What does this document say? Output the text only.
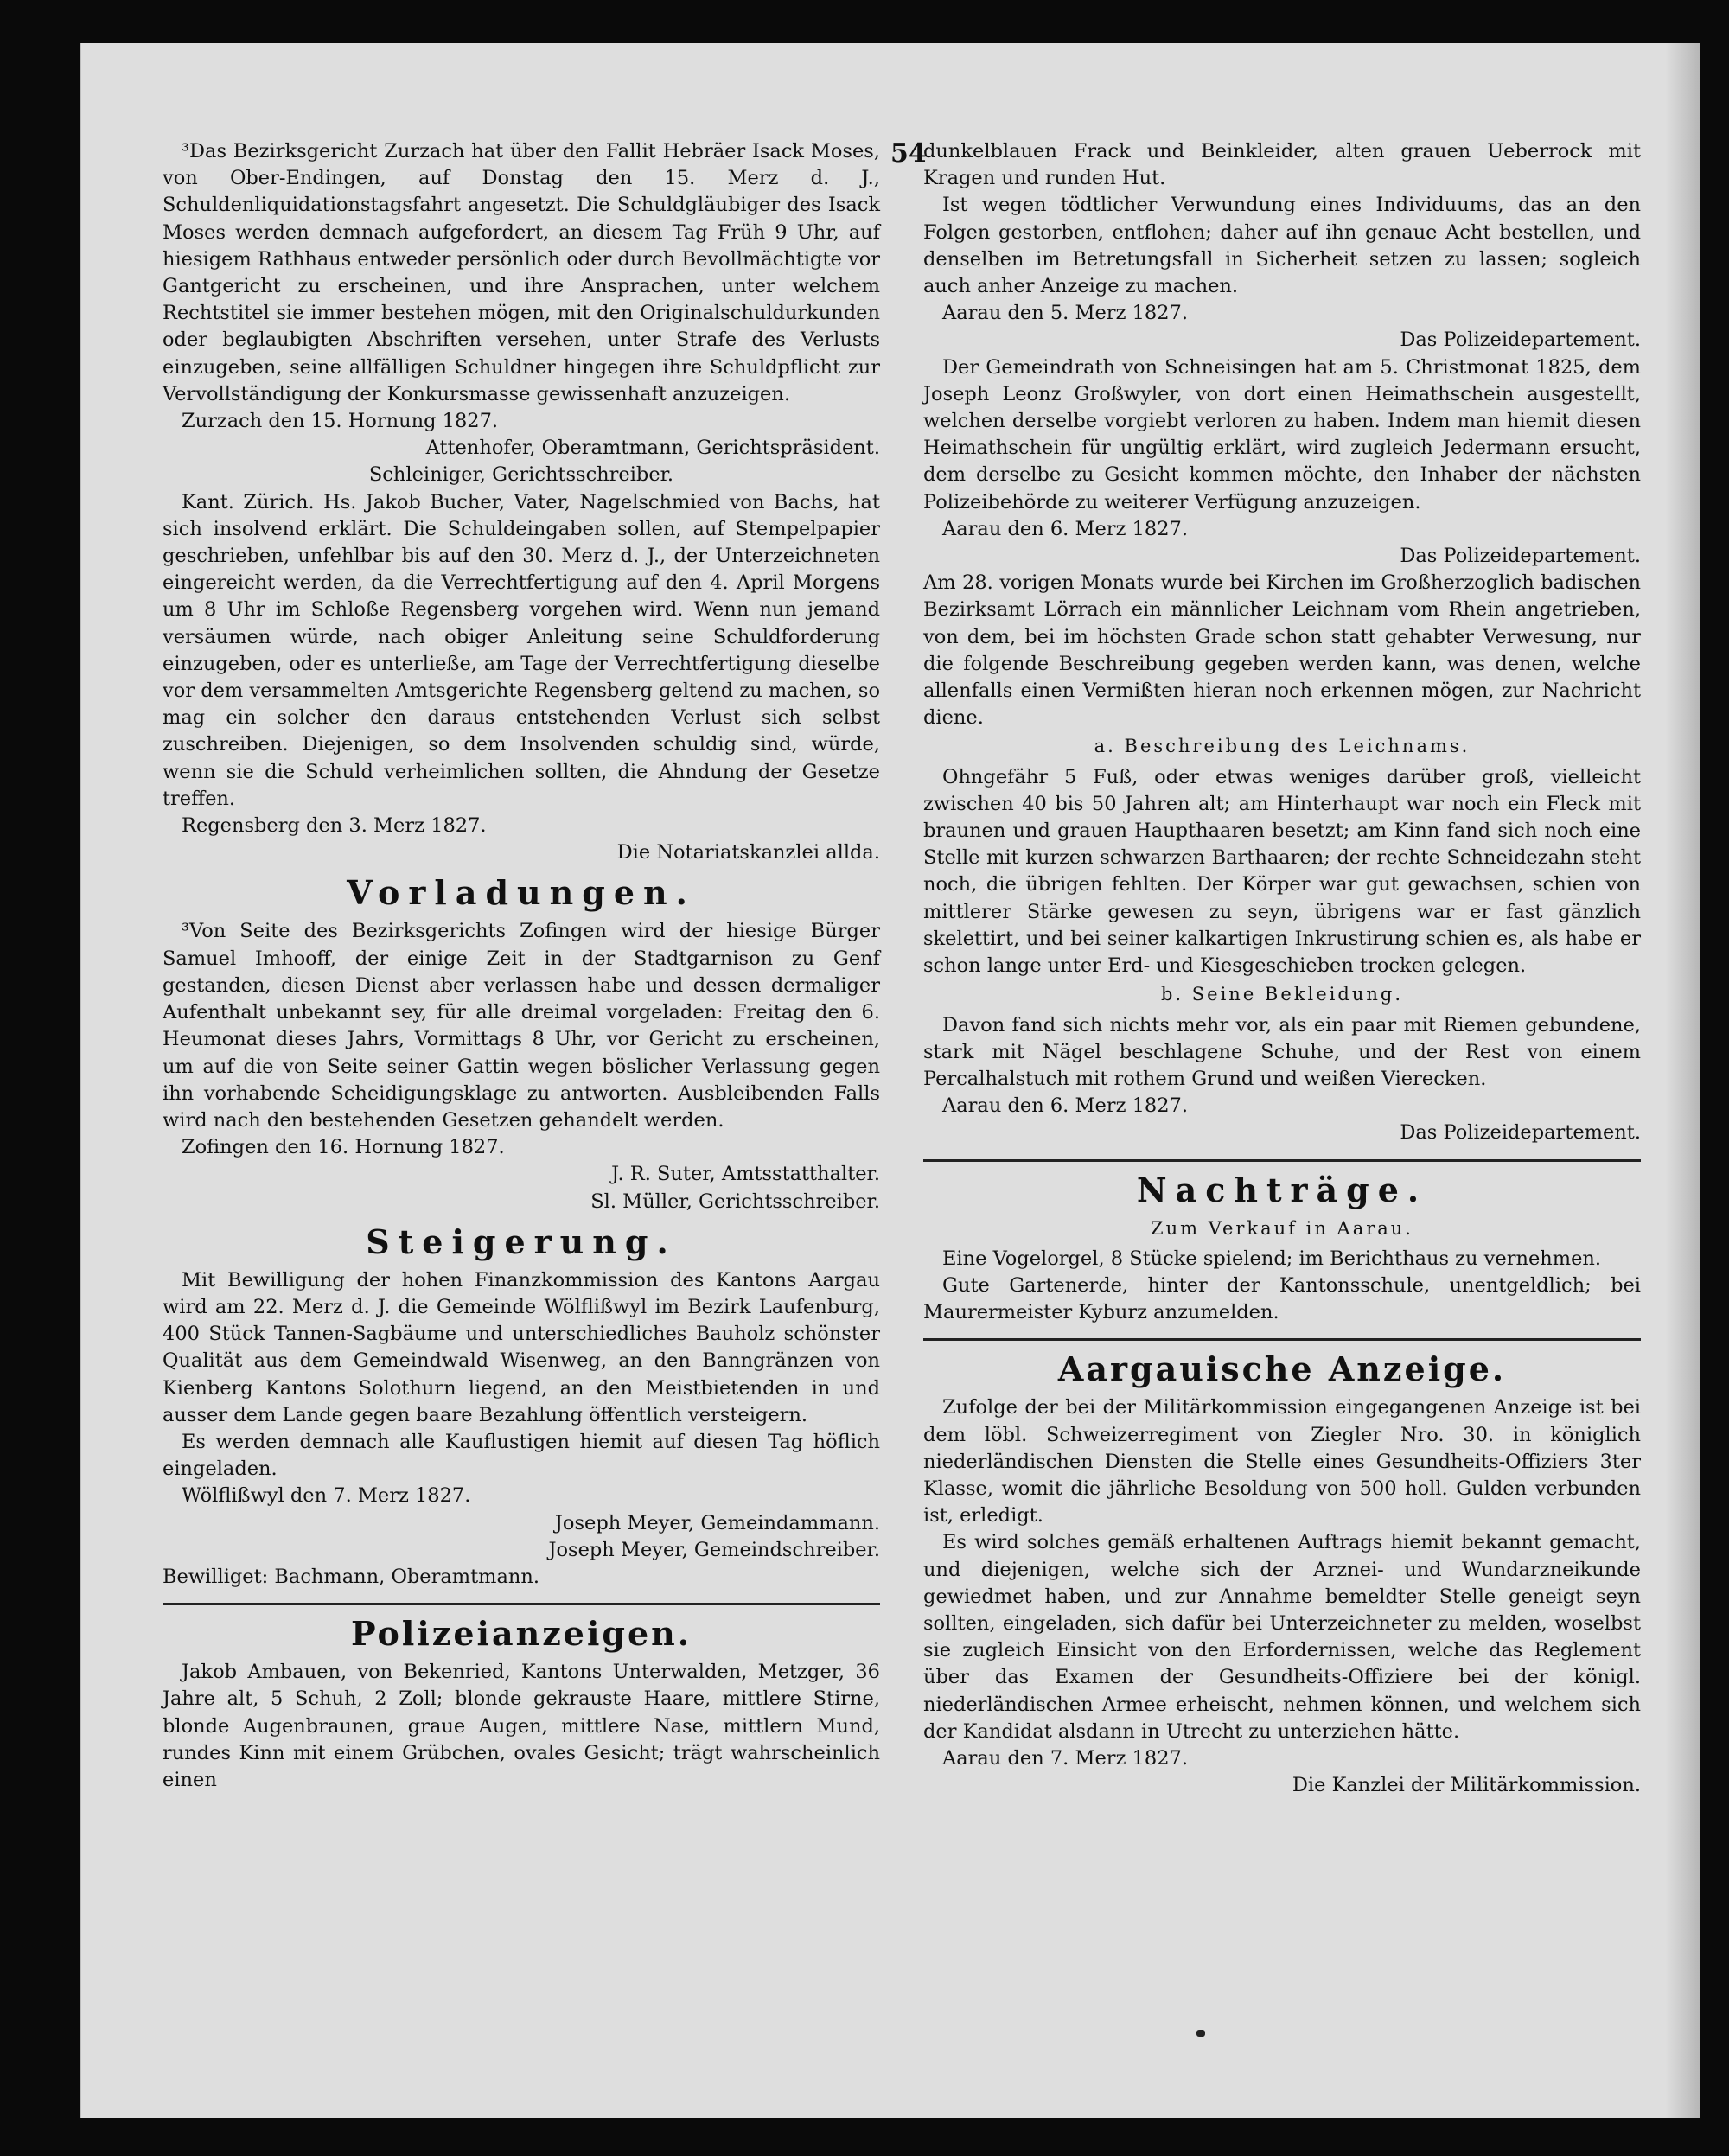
54

³Das Bezirksgericht Zurzach hat über den Fallit Hebräer Isack Moses, von Ober-Endingen, auf Donstag den 15. Merz d. J., Schuldenliquidationstagsfahrt angesetzt. Die Schuldgläubiger des Isack Moses werden demnach aufgefordert, an diesem Tag Früh 9 Uhr, auf hiesigem Rathhaus entweder persönlich oder durch Bevollmächtigte vor Gantgericht zu erscheinen, und ihre Ansprachen, unter welchem Rechtstitel sie immer bestehen mögen, mit den Originalschuldurkunden oder beglaubigten Abschriften versehen, unter Strafe des Verlusts einzugeben, seine allfälligen Schuldner hingegen ihre Schuldpflicht zur Vervollständigung der Konkursmasse gewissenhaft anzuzeigen.

Zurzach den 15. Hornung 1827.

Attenhofer, Oberamtmann, Gerichtspräsident.

Schleiniger, Gerichtsschreiber.

Kant. Zürich. Hs. Jakob Bucher, Vater, Nagelschmied von Bachs, hat sich insolvend erklärt. Die Schuldeingaben sollen, auf Stempelpapier geschrieben, unfehlbar bis auf den 30. Merz d. J., der Unterzeichneten eingereicht werden, da die Verrechtfertigung auf den 4. April Morgens um 8 Uhr im Schloße Regensberg vorgehen wird. Wenn nun jemand versäumen würde, nach obiger Anleitung seine Schuldforderung einzugeben, oder es unterließe, am Tage der Verrechtfertigung dieselbe vor dem versammelten Amtsgerichte Regensberg geltend zu machen, so mag ein solcher den daraus entstehenden Verlust sich selbst zuschreiben. Diejenigen, so dem Insolvenden schuldig sind, würde, wenn sie die Schuld verheimlichen sollten, die Ahndung der Gesetze treffen.

Regensberg den 3. Merz 1827.

Die Notariatskanzlei allda.

Vorladungen.

³Von Seite des Bezirksgerichts Zofingen wird der hiesige Bürger Samuel Imhooff, der einige Zeit in der Stadtgarnison zu Genf gestanden, diesen Dienst aber verlassen habe und dessen dermaliger Aufenthalt unbekannt sey, für alle dreimal vorgeladen: Freitag den 6. Heumonat dieses Jahrs, Vormittags 8 Uhr, vor Gericht zu erscheinen, um auf die von Seite seiner Gattin wegen böslicher Verlassung gegen ihn vorhabende Scheidigungsklage zu antworten. Ausbleibenden Falls wird nach den bestehenden Gesetzen gehandelt werden.

Zofingen den 16. Hornung 1827.

J. R. Suter, Amtsstatthalter.

Sl. Müller, Gerichtsschreiber.

Steigerung.

Mit Bewilligung der hohen Finanzkommission des Kantons Aargau wird am 22. Merz d. J. die Gemeinde Wölflißwyl im Bezirk Laufenburg, 400 Stück Tannen-Sagbäume und unterschiedliches Bauholz schönster Qualität aus dem Gemeindwald Wisenweg, an den Banngränzen von Kienberg Kantons Solothurn liegend, an den Meistbietenden in und ausser dem Lande gegen baare Bezahlung öffentlich versteigern.

Es werden demnach alle Kauflustigen hiemit auf diesen Tag höflich eingeladen.

Wölflißwyl den 7. Merz 1827.

Joseph Meyer, Gemeindammann.

Joseph Meyer, Gemeindschreiber.

Bewilliget: Bachmann, Oberamtmann.

Polizeianzeigen.

Jakob Ambauen, von Bekenried, Kantons Unterwalden, Metzger, 36 Jahre alt, 5 Schuh, 2 Zoll; blonde gekrauste Haare, mittlere Stirne, blonde Augenbraunen, graue Augen, mittlere Nase, mittlern Mund, rundes Kinn mit einem Grübchen, ovales Gesicht; trägt wahrscheinlich einen

dunkelblauen Frack und Beinkleider, alten grauen Ueberrock mit Kragen und runden Hut.

Ist wegen tödtlicher Verwundung eines Individuums, das an den Folgen gestorben, entflohen; daher auf ihn genaue Acht bestellen, und denselben im Betretungsfall in Sicherheit setzen zu lassen; sogleich auch anher Anzeige zu machen.

Aarau den 5. Merz 1827.

Das Polizeidepartement.

Der Gemeindrath von Schneisingen hat am 5. Christmonat 1825, dem Joseph Leonz Großwyler, von dort einen Heimathschein ausgestellt, welchen derselbe vorgiebt verloren zu haben. Indem man hiemit diesen Heimathschein für ungültig erklärt, wird zugleich Jedermann ersucht, dem derselbe zu Gesicht kommen möchte, den Inhaber der nächsten Polizeibehörde zu weiterer Verfügung anzuzeigen.

Aarau den 6. Merz 1827.

Das Polizeidepartement.

Am 28. vorigen Monats wurde bei Kirchen im Großherzoglich badischen Bezirksamt Lörrach ein männlicher Leichnam vom Rhein angetrieben, von dem, bei im höchsten Grade schon statt gehabter Verwesung, nur die folgende Beschreibung gegeben werden kann, was denen, welche allenfalls einen Vermißten hieran noch erkennen mögen, zur Nachricht diene.

a. Beschreibung des Leichnams.

Ohngefähr 5 Fuß, oder etwas weniges darüber groß, vielleicht zwischen 40 bis 50 Jahren alt; am Hinterhaupt war noch ein Fleck mit braunen und grauen Haupthaaren besetzt; am Kinn fand sich noch eine Stelle mit kurzen schwarzen Barthaaren; der rechte Schneidezahn steht noch, die übrigen fehlten. Der Körper war gut gewachsen, schien von mittlerer Stärke gewesen zu seyn, übrigens war er fast gänzlich skelettirt, und bei seiner kalkartigen Inkrustirung schien es, als habe er schon lange unter Erd- und Kiesgeschieben trocken gelegen.

b. Seine Bekleidung.

Davon fand sich nichts mehr vor, als ein paar mit Riemen gebundene, stark mit Nägel beschlagene Schuhe, und der Rest von einem Percalhalstuch mit rothem Grund und weißen Vierecken.

Aarau den 6. Merz 1827.

Das Polizeidepartement.

Nachträge.

Zum Verkauf in Aarau.

Eine Vogelorgel, 8 Stücke spielend; im Berichthaus zu vernehmen.

Gute Gartenerde, hinter der Kantonsschule, unentgeldlich; bei Maurermeister Kyburz anzumelden.

Aargauische Anzeige.

Zufolge der bei der Militärkommission eingegangenen Anzeige ist bei dem löbl. Schweizerregiment von Ziegler Nro. 30. in königlich niederländischen Diensten die Stelle eines Gesundheits-Offiziers 3ter Klasse, womit die jährliche Besoldung von 500 holl. Gulden verbunden ist, erledigt.

Es wird solches gemäß erhaltenen Auftrags hiemit bekannt gemacht, und diejenigen, welche sich der Arznei- und Wundarzneikunde gewiedmet haben, und zur Annahme bemeldter Stelle geneigt seyn sollten, eingeladen, sich dafür bei Unterzeichneter zu melden, woselbst sie zugleich Einsicht von den Erfordernissen, welche das Reglement über das Examen der Gesundheits-Offiziere bei der königl. niederländischen Armee erheischt, nehmen können, und welchem sich der Kandidat alsdann in Utrecht zu unterziehen hätte.

Aarau den 7. Merz 1827.

Die Kanzlei der Militärkommission.
